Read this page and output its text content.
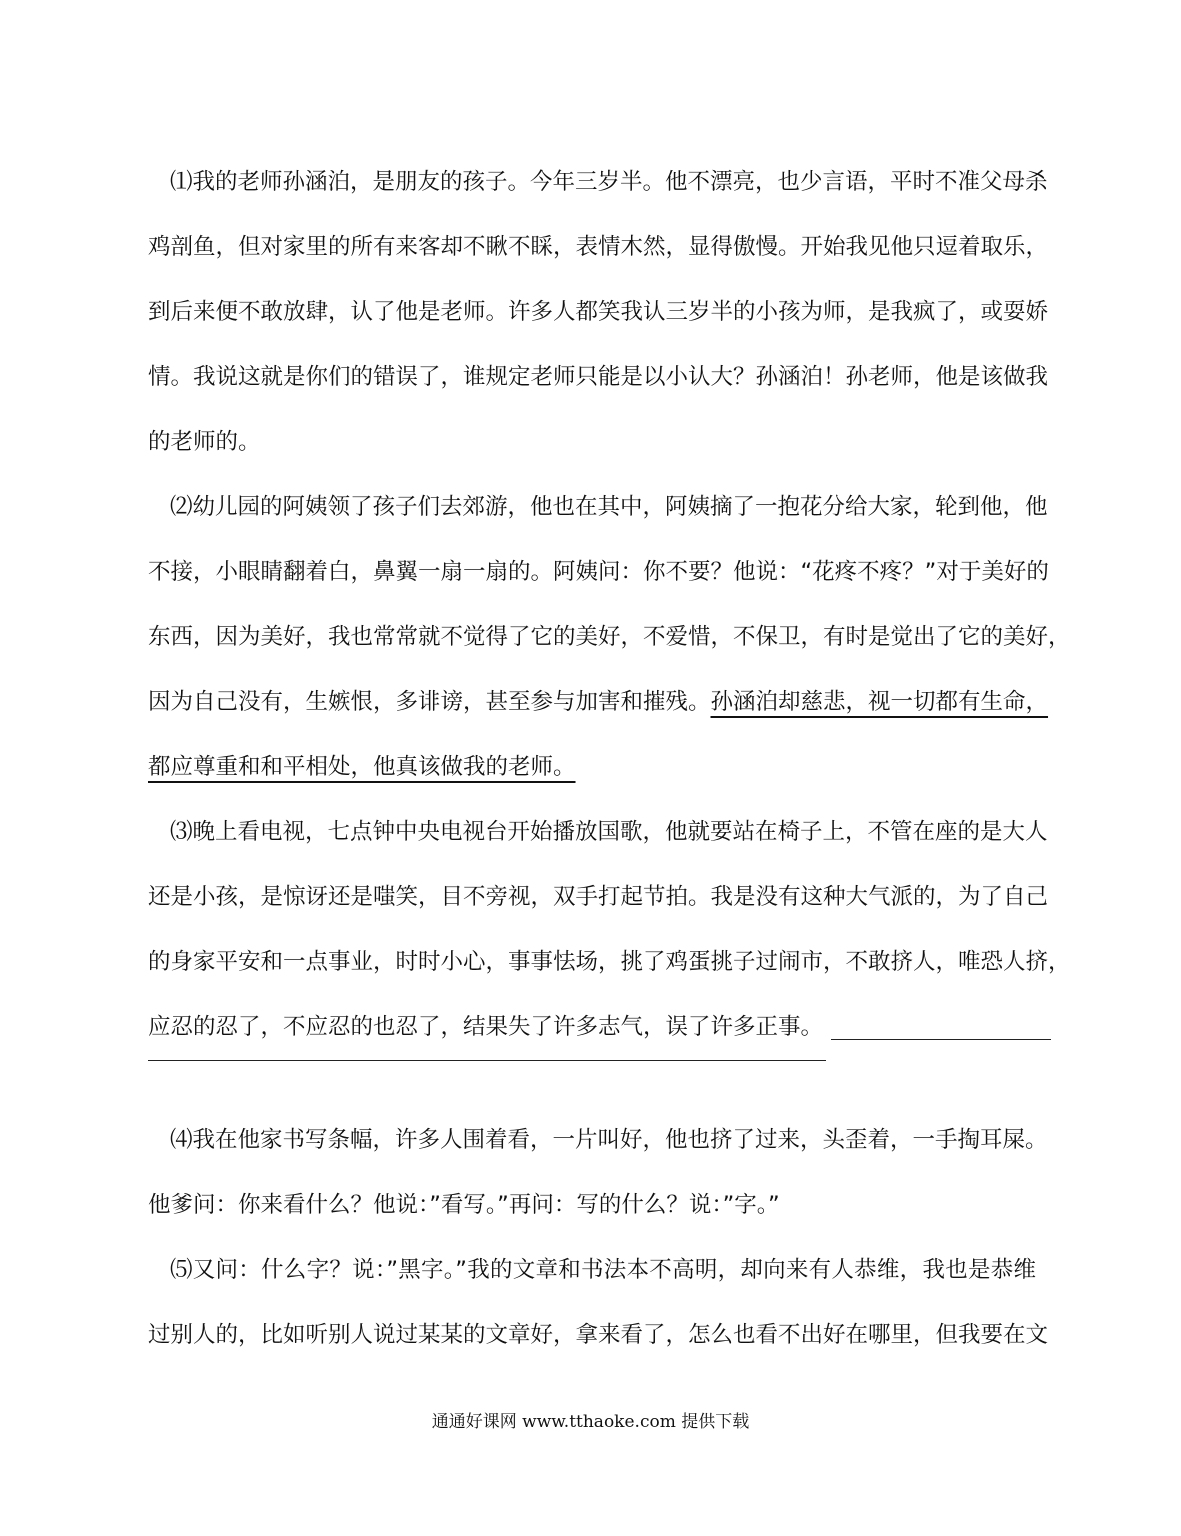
⑴我的老师孙涵泊，是朋友的孩子。今年三岁半。他不漂亮，也少言语，平时不准父母杀
鸡剖鱼，但对家里的所有来客却不瞅不睬，表情木然，显得傲慢。开始我见他只逗着取乐，
到后来便不敢放肆，认了他是老师。许多人都笑我认三岁半的小孩为师，是我疯了，或耍娇
情。我说这就是你们的错误了，谁规定老师只能是以小认大？孙涵泊！孙老师，他是该做我
的老师的。
⑵幼儿园的阿姨领了孩子们去郊游，他也在其中，阿姨摘了一抱花分给大家，轮到他，他
不接，小眼睛翻着白，鼻翼一扇一扇的。阿姨问：你不要？他说：“花疼不疼？”对于美好的
东西，因为美好，我也常常就不觉得了它的美好，不爱惜，不保卫，有时是觉出了它的美好，
因为自己没有，生嫉恨，多诽谤，甚至参与加害和摧残。孙涵泊却慈悲，视一切都有生命，
都应尊重和和平相处，他真该做我的老师。
⑶晚上看电视，七点钟中央电视台开始播放国歌，他就要站在椅子上，不管在座的是大人
还是小孩，是惊讶还是嗤笑，目不旁视，双手打起节拍。我是没有这种大气派的，为了自己
的身家平安和一点事业，时时小心，事事怯场，挑了鸡蛋挑子过闹市，不敢挤人，唯恐人挤，
应忍的忍了，不应忍的也忍了，结果失了许多志气，误了许多正事。
⑷我在他家书写条幅，许多人围着看，一片叫好，他也挤了过来，头歪着，一手掏耳屎。
他爹问：你来看什么？他说：”看写。”再问：写的什么？说：”字。”
⑸又问：什么字？说：”黑字。”我的文章和书法本不高明，却向来有人恭维，我也是恭维
过别人的，比如听别人说过某某的文章好，拿来看了，怎么也看不出好在哪里，但我要在文
通通好课网 www.tthaoke.com 提供下载
